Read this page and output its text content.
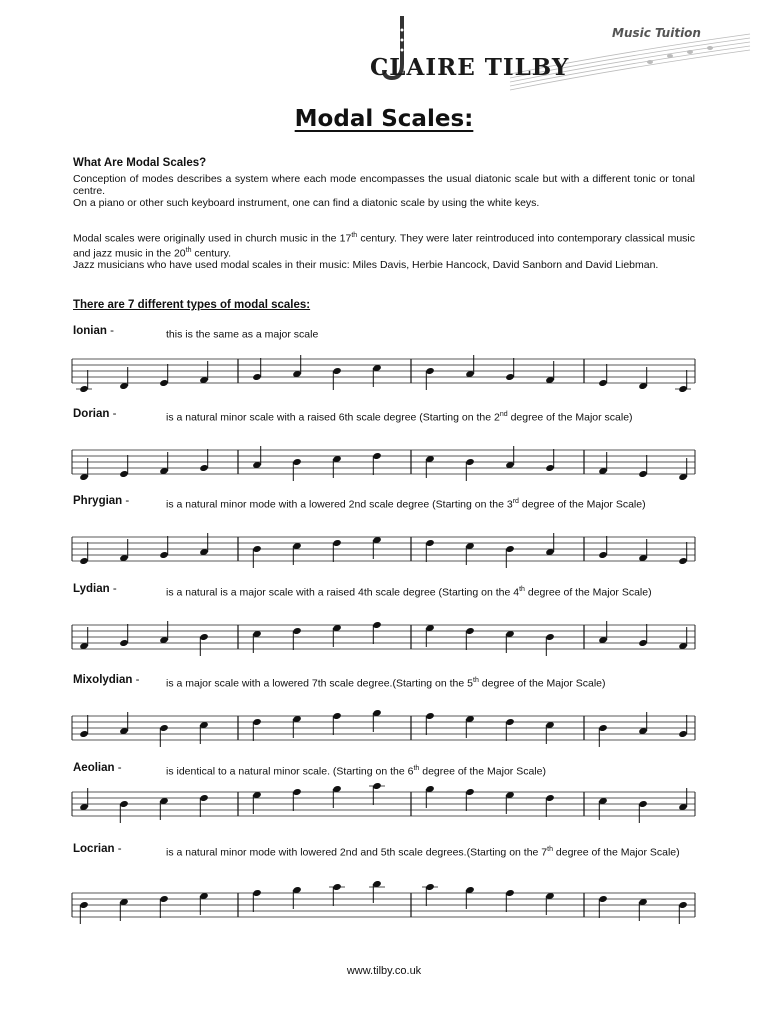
CLAIRE TILBY
Music Tuition
Modal Scales:
What Are Modal Scales?

Conception of modes describes a system where each mode encompasses the usual diatonic scale but with a different tonic or tonal centre.

On a piano or other such keyboard instrument, one can find a diatonic scale by using the white keys.

Modal scales were originally used in church music in the 17th century. They were later reintroduced into contemporary classical music and jazz music in the 20th century.

Jazz musicians who have used modal scales in their music: Miles Davis, Herbie Hancock, David Sanborn and David Liebman.

There are 7 different types of modal scales:
Ionian -	this is the same as a major scale
Dorian -	is a natural minor scale with a raised 6th scale degree (Starting on the 2nd degree of the Major scale)
Phrygian -	is a natural minor mode with a lowered 2nd scale degree (Starting on the 3rd degree of the Major Scale)
Lydian -	is a natural is a major scale with a raised 4th scale degree (Starting on the 4th degree of the Major Scale)
Mixolydian -	is a major scale with a lowered 7th scale degree.(Starting on the 5th degree of the Major Scale)
Aeolian -	is identical to a natural minor scale. (Starting on the 6th degree of the Major Scale)
Locrian -	is a natural minor mode with lowered 2nd and 5th scale degrees.(Starting on the 7th degree of the Major Scale)
www.tilby.co.uk
